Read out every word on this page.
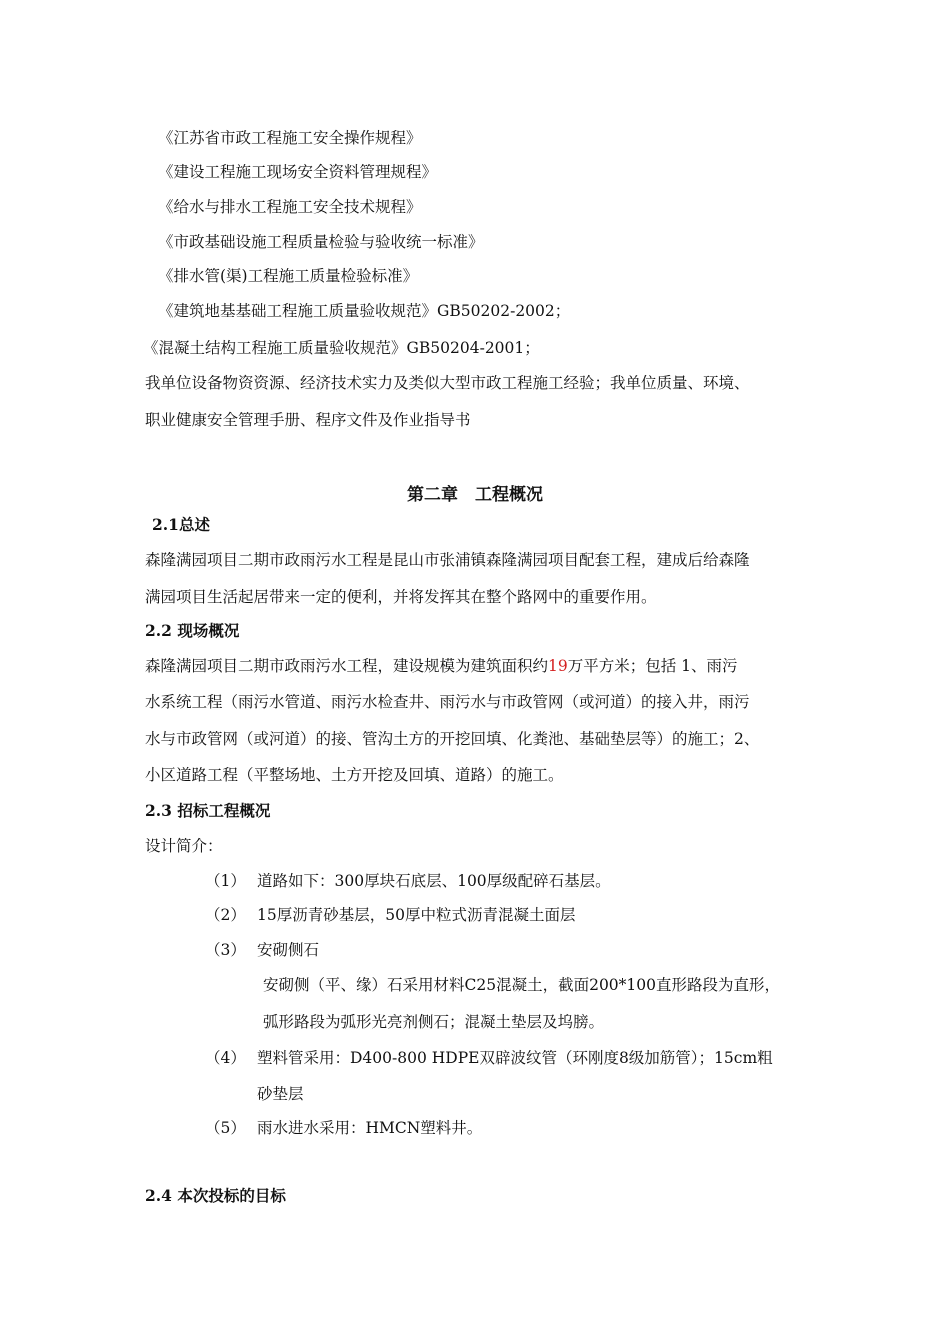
《江苏省市政工程施工安全操作规程》
《建设工程施工现场安全资料管理规程》
《给水与排水工程施工安全技术规程》
《市政基础设施工程质量检验与验收统一标准》
《排水管(渠)工程施工质量检验标准》
《建筑地基基础工程施工质量验收规范》GB50202-2002；
《混凝土结构工程施工质量验收规范》GB50204-2001；
我单位设备物资资源、经济技术实力及类似大型市政工程施工经验；我单位质量、环境、
职业健康安全管理手册、程序文件及作业指导书
第二章　工程概况
2.1总述
森隆满园项目二期市政雨污水工程是昆山市张浦镇森隆满园项目配套工程，建成后给森隆
满园项目生活起居带来一定的便利，并将发挥其在整个路网中的重要作用。
2.2 现场概况
森隆满园项目二期市政雨污水工程，建设规模为建筑面积约19万平方米；包括 1、雨污
水系统工程（雨污水管道、雨污水检查井、雨污水与市政管网（或河道）的接入井，雨污
水与市政管网（或河道）的接、管沟土方的开挖回填、化粪池、基础垫层等）的施工；2、
小区道路工程（平整场地、土方开挖及回填、道路）的施工。
2.3 招标工程概况
设计简介：
（1） 道路如下：300厚块石底层、100厚级配碎石基层。
（2） 15厚沥青砂基层，50厚中粒式沥青混凝土面层
（3） 安砌侧石
安砌侧（平、缘）石采用材料C25混凝土，截面200*100直形路段为直形，
弧形路段为弧形光亮剂侧石；混凝土垫层及坞膀。
（4） 塑料管采用：D400-800 HDPE双辟波纹管（环刚度8级加筋管）；15cm粗
砂垫层
（5） 雨水进水采用：HMCN塑料井。
2.4 本次投标的目标
